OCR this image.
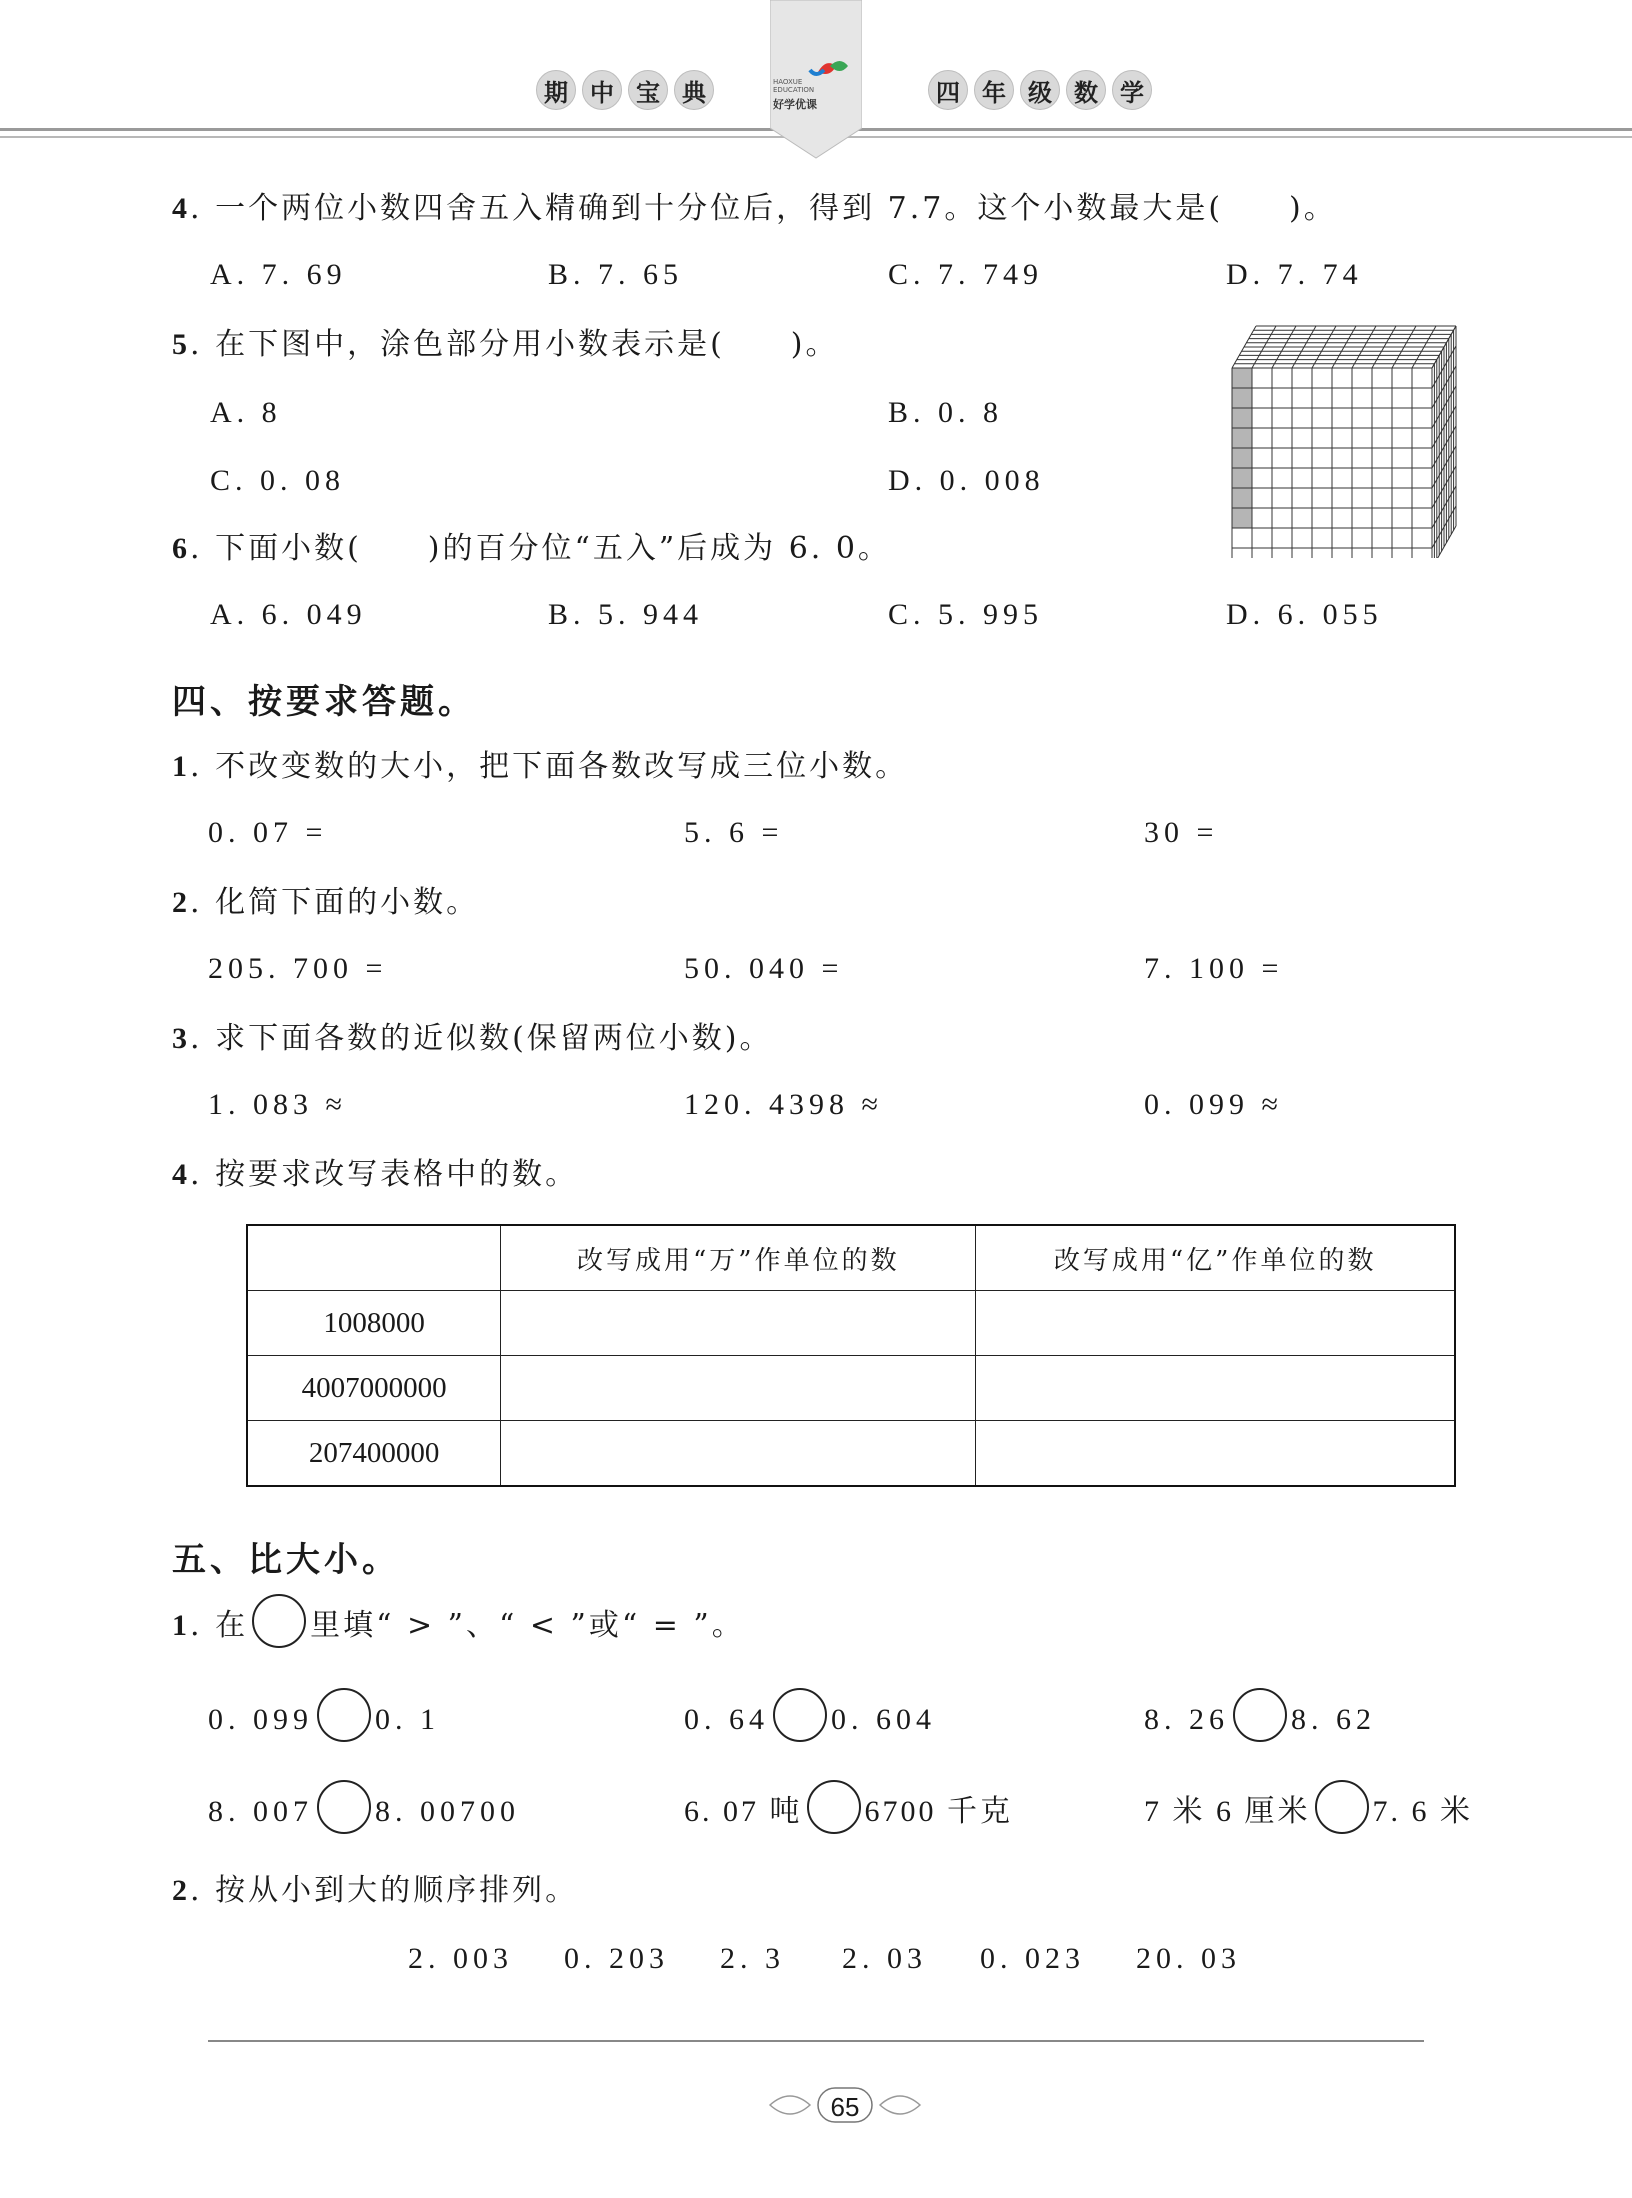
期 中 宝 典	四 年 级 数 学
HAOXUE EDUCATION
好学优课
4. 一个两位小数四舍五入精确到十分位后，得到 7.7。这个小数最大是(　　)。
A. 7. 69	B. 7. 65	C. 7. 749	D. 7. 74
5. 在下图中，涂色部分用小数表示是(　　)。
A. 8	B. 0. 8
C. 0. 08	D. 0. 008
6. 下面小数(　　)的百分位“五入”后成为 6. 0。
A. 6. 049	B. 5. 944	C. 5. 995	D. 6. 055
四、按要求答题。
1. 不改变数的大小，把下面各数改写成三位小数。
0. 07 =	5. 6 =	30 =
2. 化简下面的小数。
205. 700 =	50. 040 =	7. 100 =
3. 求下面各数的近似数(保留两位小数)。
1. 083 ≈	120. 4398 ≈	0. 099 ≈
4. 按要求改写表格中的数。
	改写成用“万”作单位的数	改写成用“亿”作单位的数
1008000		
4007000000		
207400000		
五、比大小。
1. 在 里填“ > ”、“ < ”或“ = ”。
0. 099 0. 1	0. 64 0. 604	8. 26 8. 62
8. 007 8. 00700	6. 07 吨 6700 千克	7 米 6 厘米 7. 6 米
2. 按从小到大的顺序排列。
2. 003 0. 203 2. 3 2. 03 0. 023 20. 03
65
